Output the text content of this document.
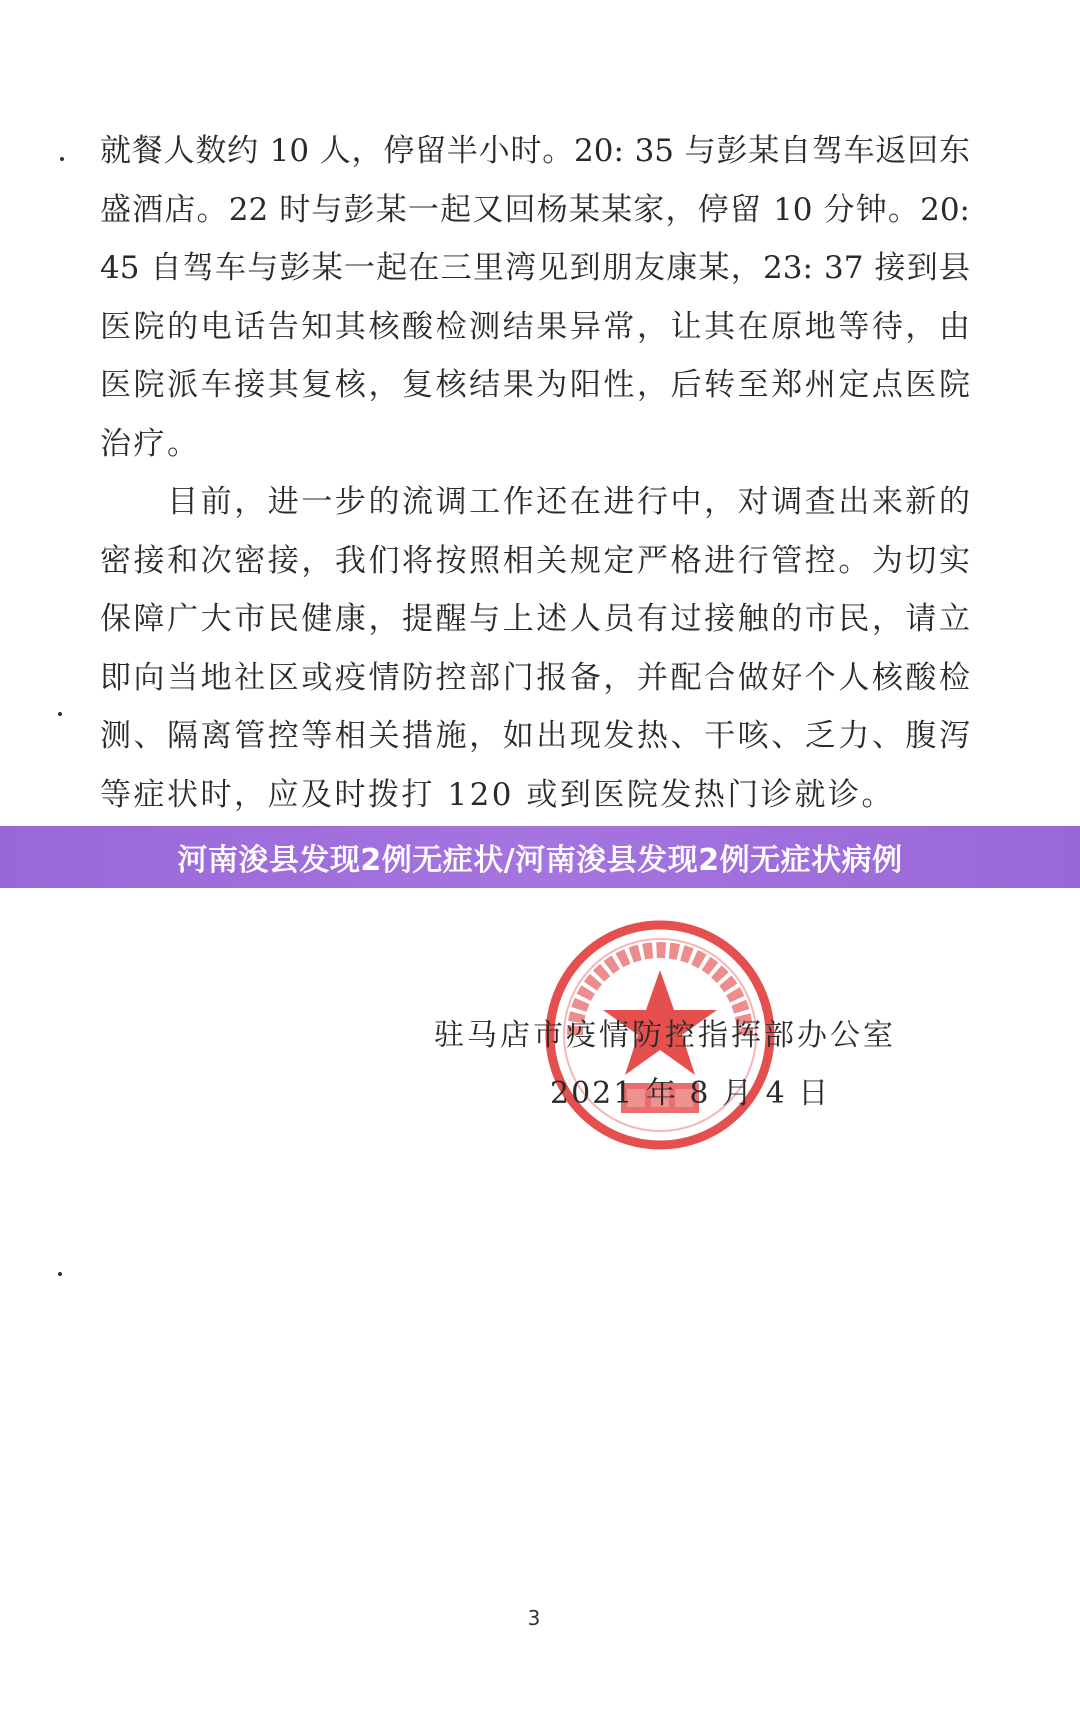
就餐人数约 10 人，停留半小时。20: 35 与彭某自驾车返回东
盛酒店。22 时与彭某一起又回杨某某家，停留 10 分钟。20:
45 自驾车与彭某一起在三里湾见到朋友康某，23: 37 接到县
医院的电话告知其核酸检测结果异常，让其在原地等待，由
医院派车接其复核，复核结果为阳性，后转至郑州定点医院
治疗。
　　目前，进一步的流调工作还在进行中，对调查出来新的
密接和次密接，我们将按照相关规定严格进行管控。为切实
保障广大市民健康，提醒与上述人员有过接触的市民，请立
即向当地社区或疫情防控部门报备，并配合做好个人核酸检
测、隔离管控等相关措施，如出现发热、干咳、乏力、腹泻
等症状时，应及时拨打 120 或到医院发热门诊就诊。
河南浚县发现2例无症状/河南浚县发现2例无症状病例
驻马店市疫情防控指挥部办公室
2021 年 8 月 4 日
3
